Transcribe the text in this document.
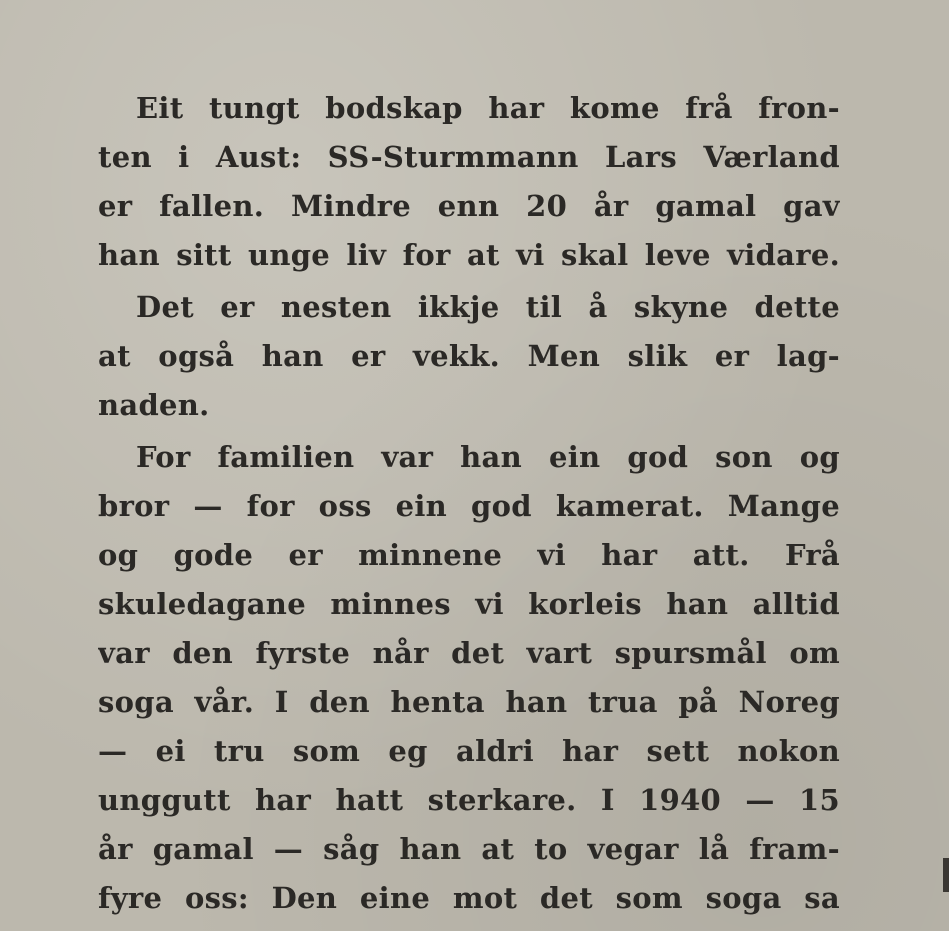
Eit tungt bodskap har kome frå fron-
ten i Aust: SS-Sturmmann Lars Værland
er fallen. Mindre enn 20 år gamal gav
han sitt unge liv for at vi skal leve vidare.
Det er nesten ikkje til å skyne dette
at også han er vekk. Men slik er lag-
naden.
For familien var han ein god son og
bror — for oss ein god kamerat. Mange
og gode er minnene vi har att. Frå
skuledagane minnes vi korleis han alltid
var den fyrste når det vart spursmål om
soga vår. I den henta han trua på Noreg
— ei tru som eg aldri har sett nokon
unggutt har hatt sterkare. I 1940 — 15
år gamal — såg han at to vegar lå fram-
fyre oss: Den eine mot det som soga sa
